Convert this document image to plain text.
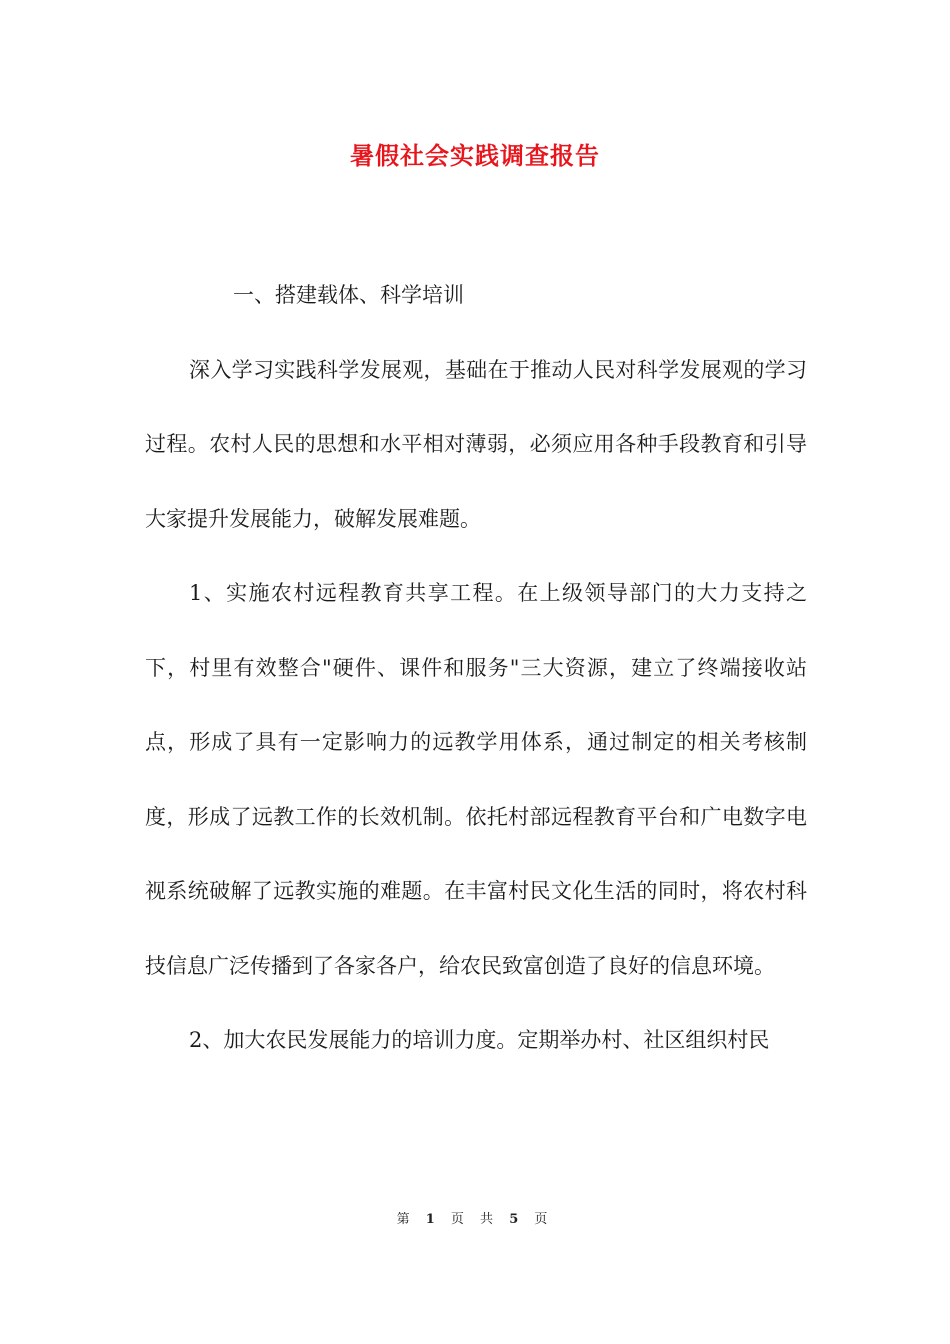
暑假社会实践调查报告

一、搭建载体、科学培训

深入学习实践科学发展观，基础在于推动人民对科学发展观的学习过程。农村人民的思想和水平相对薄弱，必须应用各种手段教育和引导大家提升发展能力，破解发展难题。

1、实施农村远程教育共享工程。在上级领导部门的大力支持之下，村里有效整合"硬件、课件和服务"三大资源，建立了终端接收站点，形成了具有一定影响力的远教学用体系，通过制定的相关考核制度，形成了远教工作的长效机制。依托村部远程教育平台和广电数字电视系统破解了远教实施的难题。在丰富村民文化生活的同时，将农村科技信息广泛传播到了各家各户，给农民致富创造了良好的信息环境。

2、加大农民发展能力的培训力度。定期举办村、社区组织村民

第 1 页 共 5 页
